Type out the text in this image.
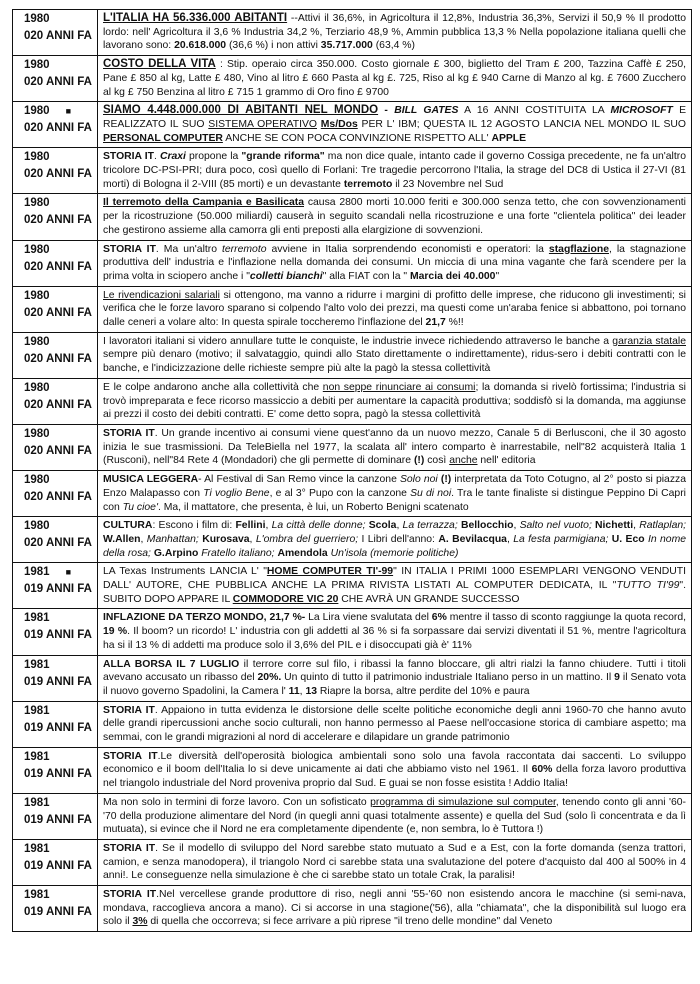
1980
020 ANNI FA	L'ITALIA HA 56.336.000 ABITANTI --Attivi il 36,6%, in Agricoltura il 12,8%, Industria 36,3%, Servizi il 50,9 % Il prodotto lordo: nell' Agricoltura il 3,6 % Industria 34,2 %, Terziario 48,9 %, Ammin pubblica 13,3 % Nella popolazione italiana quelli che lavorano sono: 20.618.000 (36,6 %) i non attivi 35.717.000 (63,4 %)

1980
020 ANNI FA	COSTO DELLA VITA : Stip. operaio circa 350.000. Costo giornale £ 300, biglietto del Tram £ 200, Tazzina Caffè £ 250, Pane £ 850 al kg, Latte £ 480, Vino al litro £ 660 Pasta al kg £. 725, Riso al kg £ 940 Carne di Manzo al kg. £ 7600 Zucchero al kg £ 750 Benzina al litro £ 715 1 grammo di Oro fino £ 9700

1980 ■
020 ANNI FA	SIAMO 4.448.000.000 DI ABITANTI NEL MONDO - BILL GATES A 16 ANNI COSTITUITA LA MICROSOFT E REALIZZATO IL SUO SISTEMA OPERATIVO Ms/Dos PER L' IBM; QUESTA IL 12 AGOSTO LANCIA NEL MONDO IL SUO PERSONAL COMPUTER ANCHE SE CON POCA CONVINZIONE RISPETTO ALL' APPLE

1980
020 ANNI FA	STORIA IT. Craxi propone la "grande riforma" ma non dice quale, intanto cade il governo Cossiga precedente, ne fa un'altro tricolore DC-PSI-PRI; dura poco, così quello di Forlani: Tre tragedie percorrono l'Italia, la strage del DC8 di Ustica il 27-VI (81 morti) di Bologna il 2-VIII (85 morti) e un devastante terremoto il 23 Novembre nel Sud

1980
020 ANNI FA	Il terremoto della Campania e Basilicata causa 2800 morti 10.000 feriti e 300.000 senza tetto, che con sovvenzionamenti per la ricostruzione (50.000 miliardi) causerà in seguito scandali nella ricostruzione e una forte "clientela politica" dei leader che gestirono assieme alla camorra gli enti preposti alla elargizione di sovvenzioni.

1980
020 ANNI FA	STORIA IT. Ma un'altro terremoto avviene in Italia sorprendendo economisti e operatori: la stagflazione, la stagnazione produttiva dell' industria e l'inflazione nella domanda dei consumi. Un miccia di una mina vagante che farà scendere per la prima volta in sciopero anche i "colletti bianchi" alla FIAT con la " Marcia dei 40.000"

1980
020 ANNI FA	Le rivendicazioni salariali si ottengono, ma vanno a ridurre i margini di profitto delle imprese, che riducono gli investimenti; si verifica che le forze lavoro sparano si colpendo l'alto volo dei prezzi, ma questi come un'araba fenice si abbattono, poi tornano dalle ceneri a volare alto: In questa spirale toccheremo l'inflazione del 21,7 %!!

1980
020 ANNI FA	I lavoratori italiani si videro annullare tutte le conquiste, le industrie invece richiedendo attraverso le banche a garanzia statale sempre più denaro (motivo; il salvataggio, quindi allo Stato direttamente o indirettamente), ridus-sero i debiti contratti con le banche, e l'indicizzazione delle richieste sempre più alte la pagò la stessa collettività

1980
020 ANNI FA	E le colpe andarono anche alla collettività che non seppe rinunciare ai consumi; la domanda si rivelò fortissima; l'industria si trovò impreparata e fece ricorso massiccio a debiti per aumentare la capacità produttiva; soddisfò si la domanda, ma aggiunse ai prezzi il costo dei debiti contratti. E' come detto sopra, pagò la stessa collettività

1980
020 ANNI FA	STORIA IT. Un grande incentivo ai consumi viene quest'anno da un nuovo mezzo, Canale 5 di Berlusconi, che il 30 agosto inizia le sue trasmissioni. Da TeleBiella nel 1977, la scalata all' intero comparto è inarrestabile, nell"82 acquisterà Italia 1 (Rusconi), nell"84 Rete 4 (Mondadori) che gli permette di dominare (!) così anche nell' editoria

1980
020 ANNI FA	MUSICA LEGGERA- Al Festival di San Remo vince la canzone Solo noi (!) interpretata da Toto Cotugno, al 2° posto si piazza Enzo Malapasso con Ti voglio Bene, e al 3° Pupo con la canzone Su di noi. Tra le tante finaliste si distingue Peppino Di Capri con Tu cioe'. Ma, il mattatore, che presenta, è lui, un Roberto Benigni scatenato

1980
020 ANNI FA	CULTURA: Escono i film di: Fellini, La città delle donne; Scola, La terrazza; Bellocchio, Salto nel vuoto; Nichetti, Ratlaplan; W.Allen, Manhattan; Kurosava, L'ombra del guerriero; I Libri dell'anno: A. Bevilacqua, La festa parmigiana; U. Eco In nome della rosa; G.Arpino Fratello italiano; Amendola Un'isola (memorie politiche)

1981 ■
019 ANNI FA	LA Texas Instruments LANCIA L' "HOME COMPUTER TI'-99" IN ITALIA I PRIMI 1000 ESEMPLARI VENGONO VENDUTI DALL' AUTORE, CHE PUBBLICA ANCHE LA PRIMA RIVISTA LISTATI AL COMPUTER DEDICATA, IL "TUTTO TI'99". SUBITO DOPO APPARE IL COMMODORE VIC 20 CHE AVRÀ UN GRANDE SUCCESSO

1981
019 ANNI FA	INFLAZIONE DA TERZO MONDO, 21,7 %- La Lira viene svalutata del 6% mentre il tasso di sconto raggiunge la quota record, 19 %. Il boom? un ricordo! L' industria con gli addetti al 36 % si fa sorpassare dai servizi diventati il 51 %, mentre l'agricoltura ha si il 13 % di addetti ma produce solo il 3,6% del PIL e i disoccupati già è' 11%

1981
019 ANNI FA	ALLA BORSA IL 7 LUGLIO il terrore corre sul filo, i ribassi la fanno bloccare, gli altri rialzi la fanno chiudere. Tutti i titoli avevano accusato un ribasso del 20%. Un quinto di tutto il patrimonio industriale Italiano perso in un mattino. Il 9 il Senato vota il nuovo governo Spadolini, la Camera l' 11, 13 Riapre la borsa, altre perdite del 10% e paura

1981
019 ANNI FA	STORIA IT. Appaiono in tutta evidenza le distorsione delle scelte politiche economiche degli anni 1960-70 che hanno avuto delle grandi ripercussioni anche socio culturali, non hanno permesso al Paese nell'occasione storica di cambiare aspetto; ma semmai, con le grandi migrazioni al nord di accelerare e dilapidare un grande patrimonio

1981
019 ANNI FA	STORIA IT.Le diversità dell'operosità biologica ambientali sono solo una favola raccontata dai saccenti. Lo sviluppo economico e il boom dell'Italia lo si deve unicamente ai dati che abbiamo visto nel 1961. Il 60% della forza lavoro produttiva nel triangolo industriale del Nord proveniva proprio dal Sud. E guai se non fosse esistita ! Addio Italia!

1981
019 ANNI FA	Ma non solo in termini di forze lavoro. Con un sofisticato programma di simulazione sul computer, tenendo conto gli anni '60-'70 della produzione alimentare del Nord (in quegli anni quasi totalmente assente) e quella del Sud (solo lì concentrata e da lì mutuata), si evince che il Nord ne era completamente dipendente (e, non sembra, lo è Tuttora !)

1981
019 ANNI FA	STORIA IT. Se il modello di sviluppo del Nord sarebbe stato mutuato a Sud e a Est, con la forte domanda (senza trattori, camion, e senza manodopera), il triangolo Nord ci sarebbe stata una svalutazione del potere d'acquisto dal 400 al 500% in 4 anni!. Le conseguenze nella simulazione è che ci sarebbe stato un totale Crak, la paralisi!

1981
019 ANNI FA	STORIA IT.Nel vercellese grande produttore di riso, negli anni '55-'60 non esistendo ancora le macchine (si semi-nava, mondava, raccoglieva ancora a mano). Ci si accorse in una stagione('56), alla "chiamata", che la disponibilità sul luogo era solo il 3% di quella che occorreva; si fece arrivare a più riprese "il treno delle mondine" dal Veneto
